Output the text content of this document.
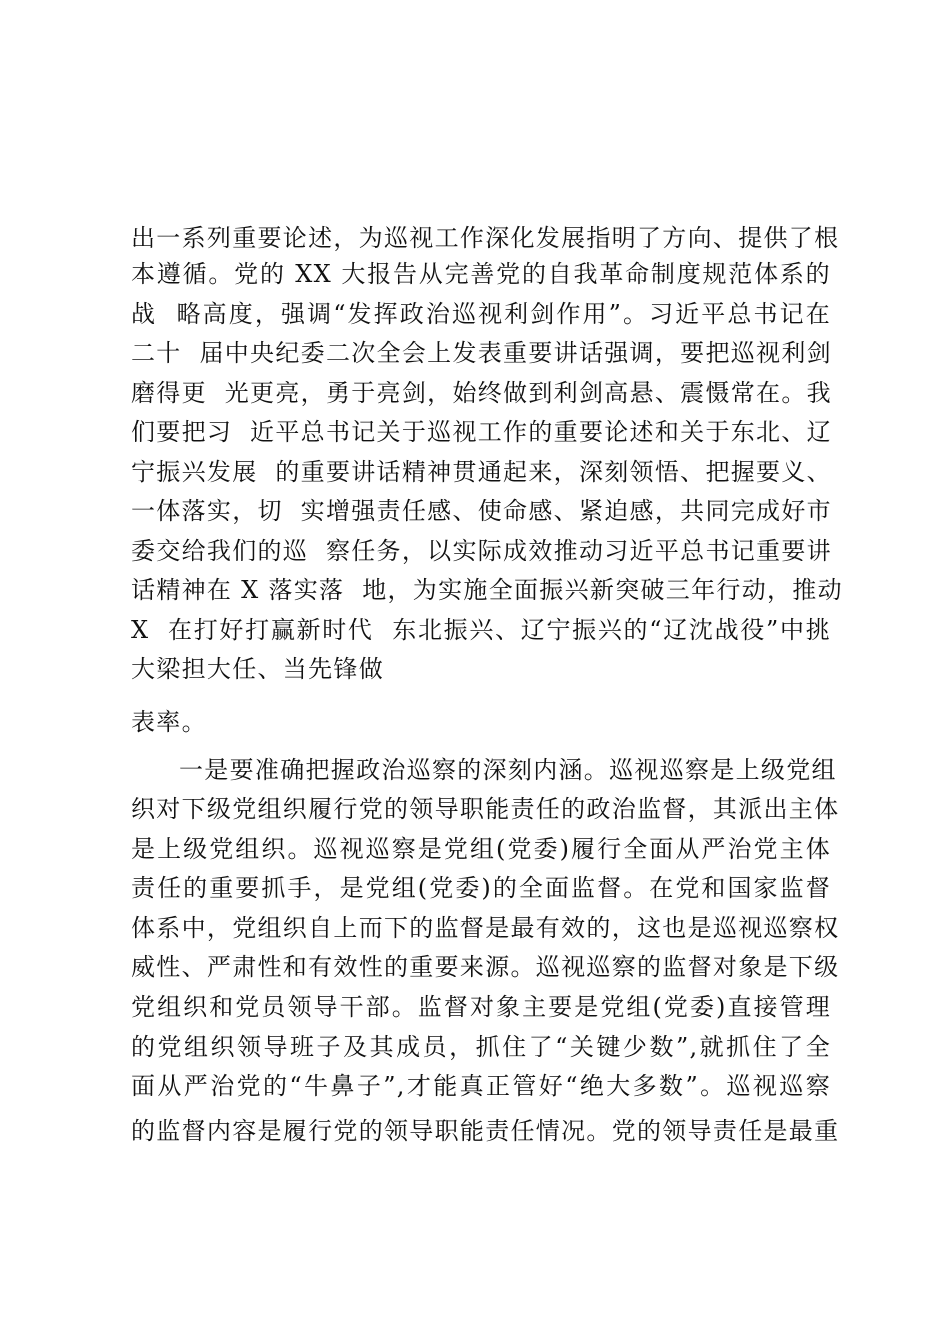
出一系列重要论述，为巡视工作深化发展指明了方向、提供了根
本遵循。党的 XX 大报告从完善党的自我革命制度规范体系的
战  略高度，强调“发挥政治巡视利剑作用”。习近平总书记在
二十  届中央纪委二次全会上发表重要讲话强调，要把巡视利剑
磨得更  光更亮，勇于亮剑，始终做到利剑高悬、震慑常在。我
们要把习  近平总书记关于巡视工作的重要论述和关于东北、辽
宁振兴发展  的重要讲话精神贯通起来，深刻领悟、把握要义、
一体落实，切  实增强责任感、使命感、紧迫感，共同完成好市
委交给我们的巡  察任务，以实际成效推动习近平总书记重要讲
话精神在 X 落实落  地，为实施全面振兴新突破三年行动，推动
X  在打好打赢新时代  东北振兴、辽宁振兴的“辽沈战役”中挑
大梁担大任、当先锋做
表率。
一是要准确把握政治巡察的深刻内涵。巡视巡察是上级党组
织对下级党组织履行党的领导职能责任的政治监督，其派出主体
是上级党组织。巡视巡察是党组(党委)履行全面从严治党主体
责任的重要抓手，是党组(党委)的全面监督。在党和国家监督
体系中，党组织自上而下的监督是最有效的，这也是巡视巡察权
威性、严肃性和有效性的重要来源。巡视巡察的监督对象是下级
党组织和党员领导干部。监督对象主要是党组(党委)直接管理
的党组织领导班子及其成员，抓住了“关键少数”,就抓住了全
面从严治党的“牛鼻子”,才能真正管好“绝大多数”。巡视巡察
的监督内容是履行党的领导职能责任情况。党的领导责任是最重
